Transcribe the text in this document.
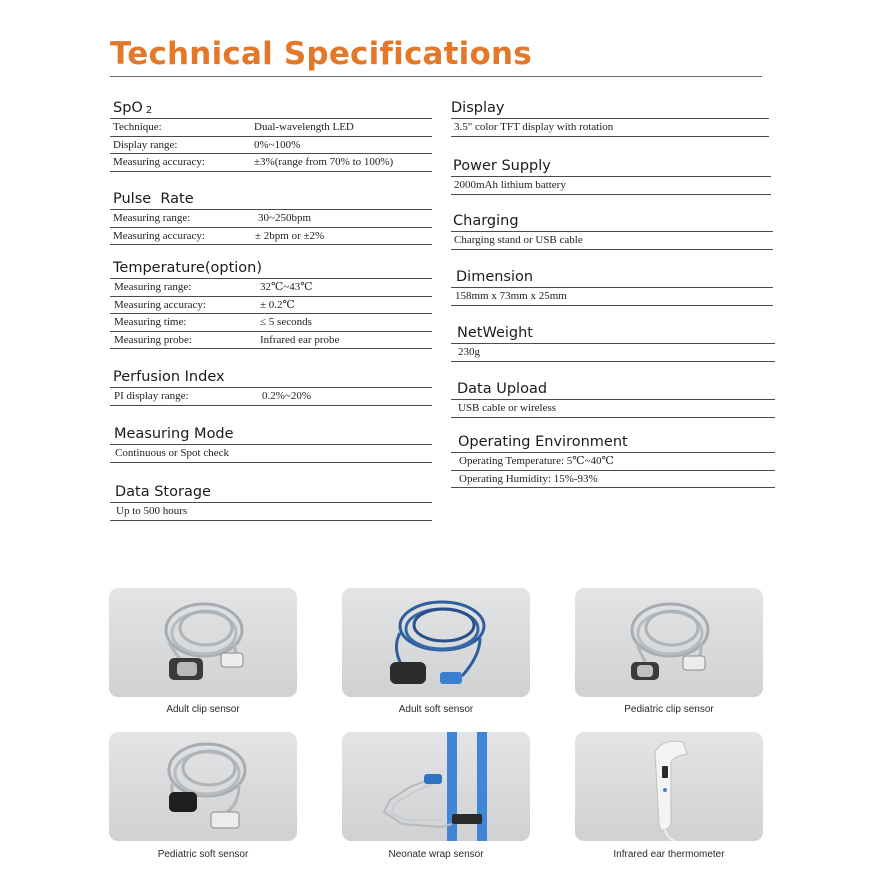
Technical Specifications
SpO $_2$
Technique:	Dual-wavelength LED
Display range:	0%~100%
Measuring accuracy:	±3%(range from 70% to 100%)
Pulse  Rate
Measuring range:	30~250bpm
Measuring accuracy:	± 2bpm or ±2%
Temperature(option)
Measuring range:	32℃~43℃
Measuring accuracy:	± 0.2℃
Measuring time:	≤ 5 seconds
Measuring probe:	Infrared ear probe
Perfusion Index
PI display range:	0.2%~20%
Measuring Mode
Continuous or Spot check
Data Storage
Up to 500 hours
Display
3.5" color TFT display with rotation
Power Supply
2000mAh lithium battery
Charging
Charging stand or USB cable
Dimension
158mm x 73mm x 25mm
NetWeight
230g
Data Upload
USB cable or wireless
Operating Environment
Operating Temperature: 5℃~40℃
Operating Humidity: 15%-93%
Adult clip sensor	Adult soft sensor	Pediatric clip sensor
Pediatric soft sensor	Neonate wrap sensor	Infrared ear thermometer
